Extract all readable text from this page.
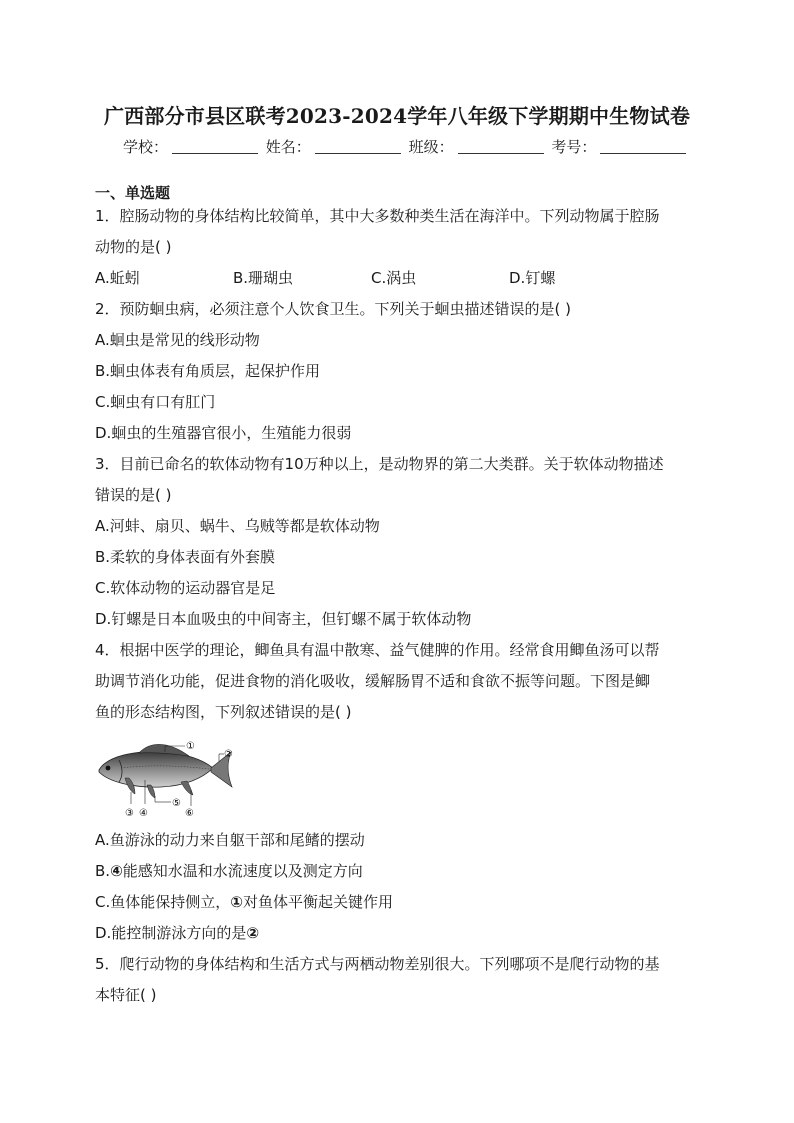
广西部分市县区联考2023-2024学年八年级下学期期中生物试卷
学校：	姓名：	班级：	考号：
一、单选题
1．腔肠动物的身体结构比较简单，其中大多数种类生活在海洋中。下列动物属于腔肠
动物的是( )
A.蚯蚓	B.珊瑚虫	C.涡虫	D.钉螺
2．预防蛔虫病，必须注意个人饮食卫生。下列关于蛔虫描述错误的是( )
A.蛔虫是常见的线形动物
B.蛔虫体表有角质层，起保护作用
C.蛔虫有口有肛门
D.蛔虫的生殖器官很小，生殖能力很弱
3．目前已命名的软体动物有10万种以上，是动物界的第二大类群。关于软体动物描述
错误的是( )
A.河蚌、扇贝、蜗牛、乌贼等都是软体动物
B.柔软的身体表面有外套膜
C.软体动物的运动器官是足
D.钉螺是日本血吸虫的中间寄主，但钉螺不属于软体动物
4．根据中医学的理论，鲫鱼具有温中散寒、益气健脾的作用。经常食用鲫鱼汤可以帮
助调节消化功能，促进食物的消化吸收，缓解肠胃不适和食欲不振等问题。下图是鲫
鱼的形态结构图，下列叙述错误的是( )
①
②
③ ④
⑤
⑥
A.鱼游泳的动力来自躯干部和尾鳍的摆动
B.④能感知水温和水流速度以及测定方向
C.鱼体能保持侧立，①对鱼体平衡起关键作用
D.能控制游泳方向的是②
5．爬行动物的身体结构和生活方式与两栖动物差别很大。下列哪项不是爬行动物的基
本特征( )
